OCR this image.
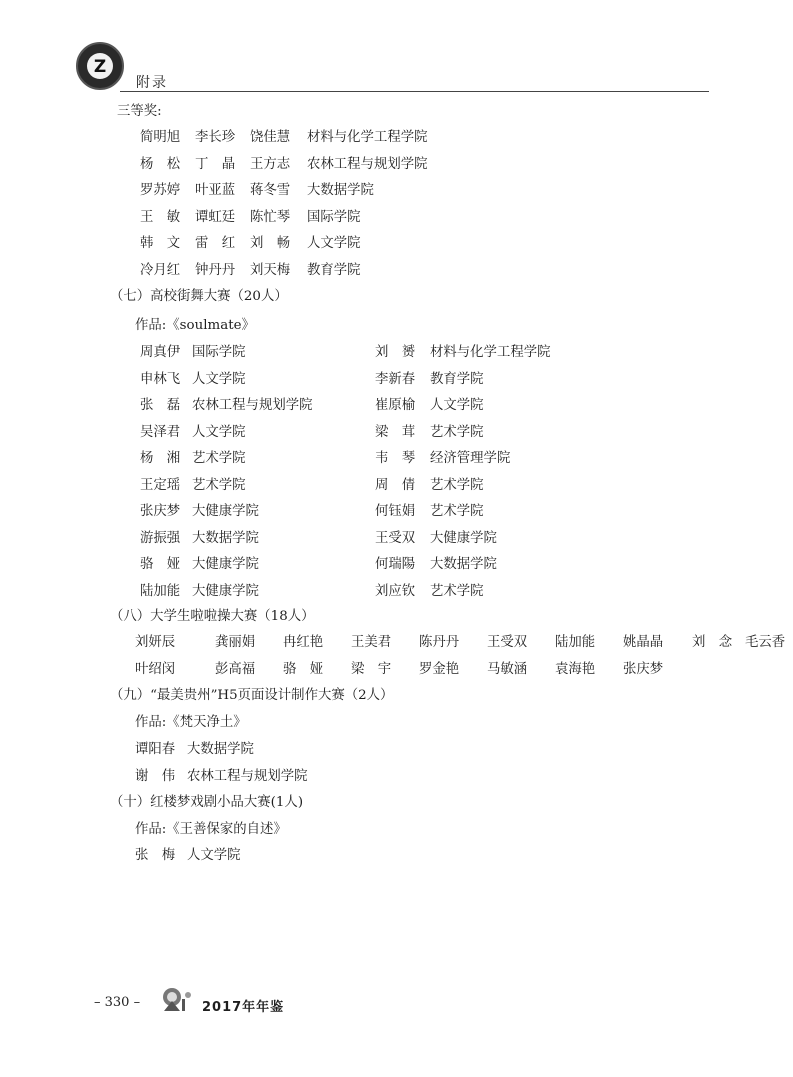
Z
附录
三等奖:
简明旭 李长珍 饶佳慧 材料与化学工程学院
杨　松 丁　晶 王方志 农林工程与规划学院
罗苏婷 叶亚蓝 蒋冬雪 大数据学院
王　敏 谭虹廷 陈忙琴 国际学院
韩　文 雷　红 刘　畅 人文学院
冷月红 钟丹丹 刘天梅 教育学院
（七）高校街舞大赛（20人）
作品:《soulmate》
周真伊 国际学院	刘　赟 材料与化学工程学院
申林飞 人文学院	李新春 教育学院
张　磊 农林工程与规划学院	崔原榆 人文学院
吴泽君 人文学院	梁　茸 艺术学院
杨　湘 艺术学院	韦　琴 经济管理学院
王定瑶 艺术学院	周　倩 艺术学院
张庆梦 大健康学院	何钰娟 艺术学院
游振强 大数据学院	王受双 大健康学院
骆　娅 大健康学院	何瑞陽 大数据学院
陆加能 大健康学院	刘应钦 艺术学院
（八）大学生啦啦操大赛（18人）
刘妍辰	龚丽娟 冉红艳 王美君 陈丹丹 王受双 陆加能 姚晶晶 刘　念 毛云香
叶绍闵	彭高福 骆　娅 梁　宇 罗金艳 马敏涵 袁海艳 张庆梦
（九）“最美贵州”H5页面设计制作大赛（2人）
作品:《梵天净土》
谭阳春 大数据学院
谢　伟 农林工程与规划学院
（十）红楼梦戏剧小品大赛(1人)
作品:《王善保家的自述》
张　梅 人文学院
– 330 –	2017年年鉴
